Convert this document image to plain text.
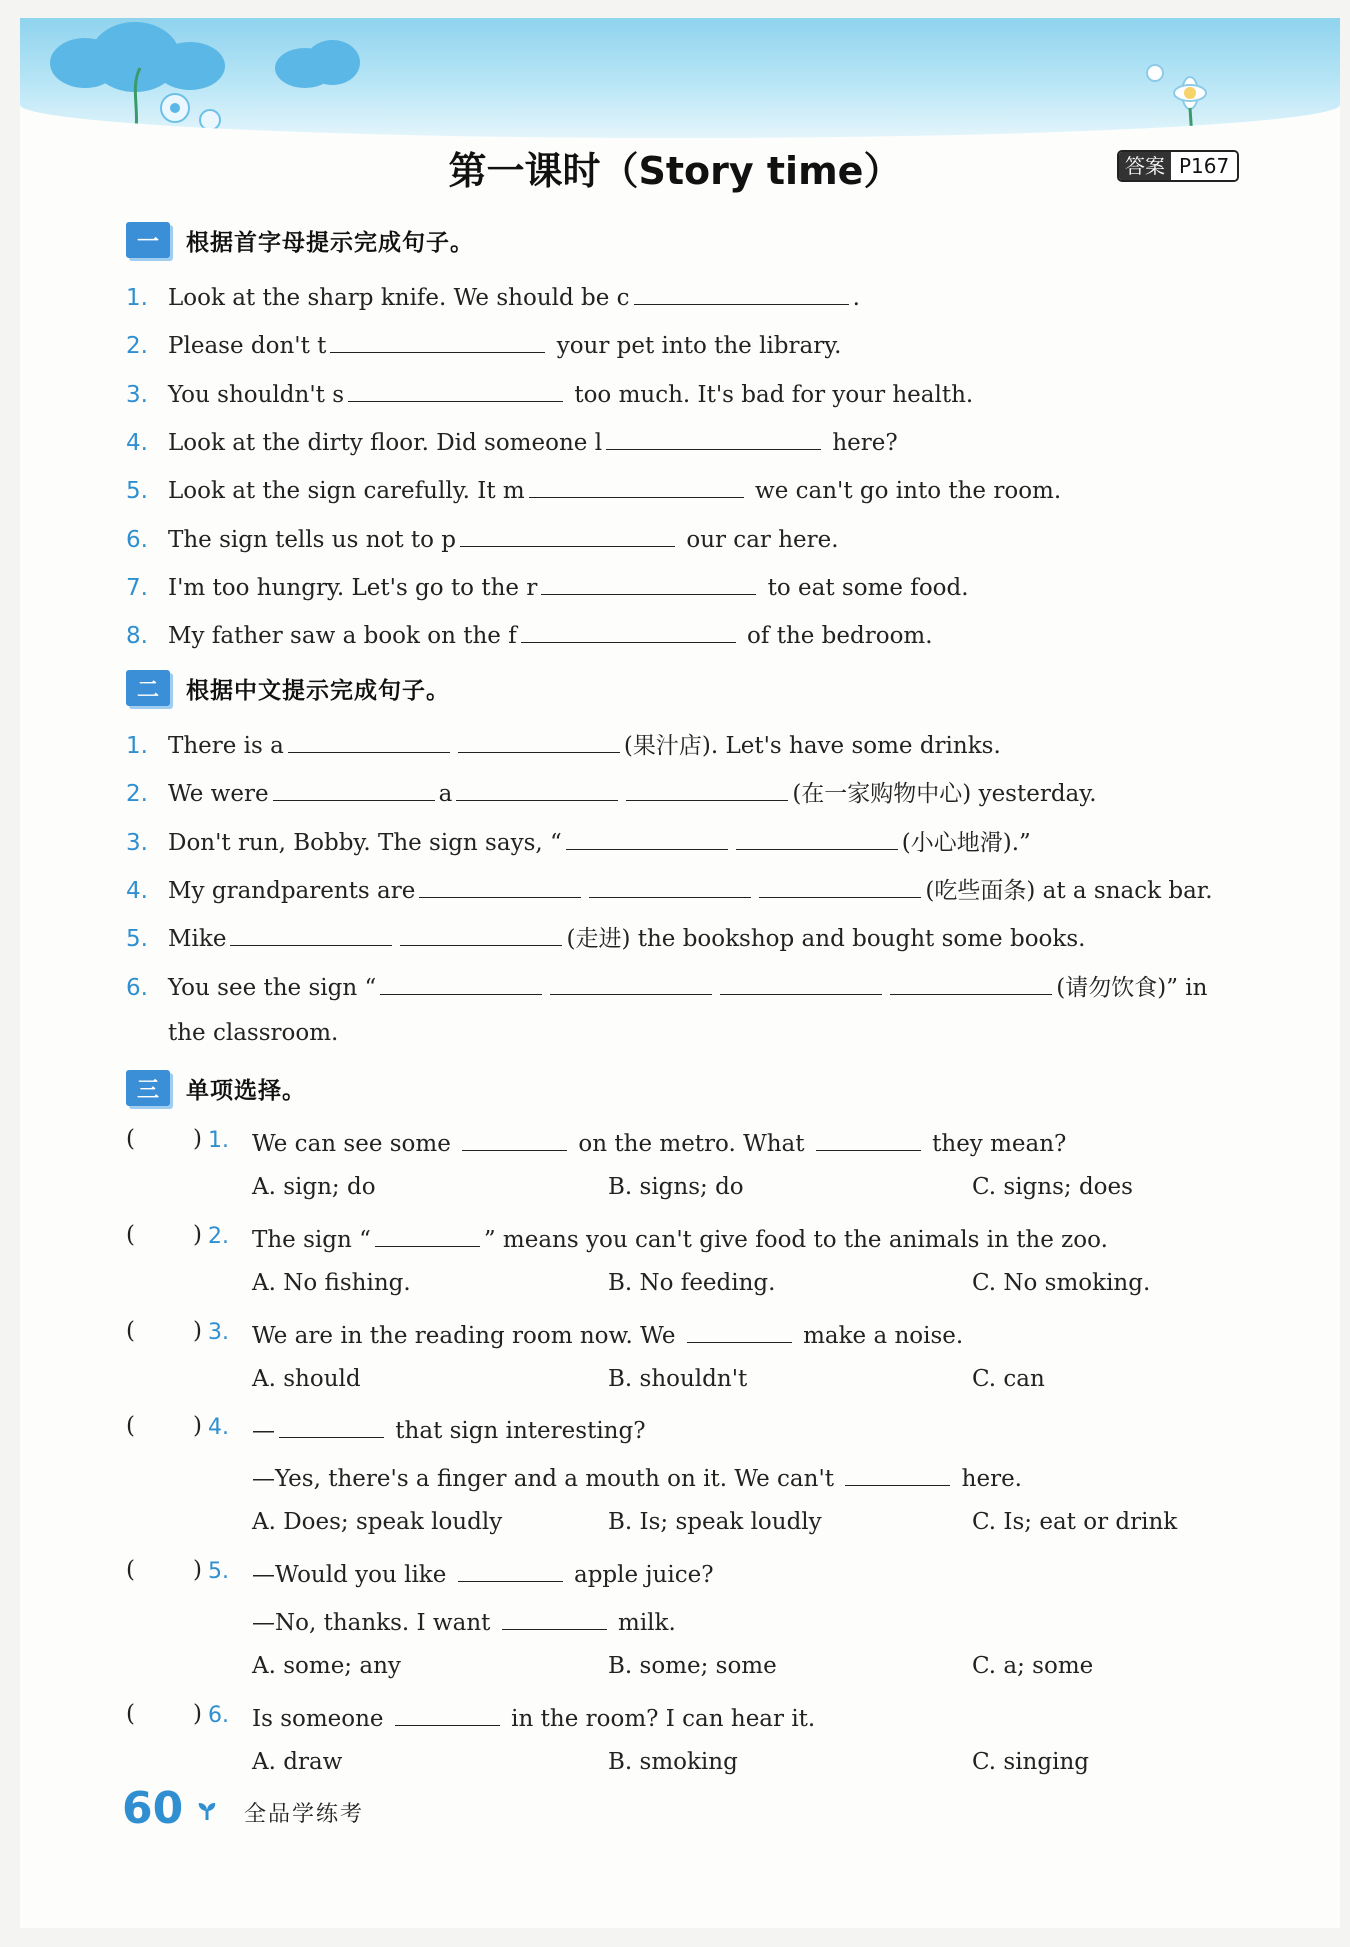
第一课时（Story time）	答案 P167
一	根据首字母提示完成句子。
1. Look at the sharp knife. We should be c	.
2. Please don't t	your pet into the library.
3. You shouldn't s	too much. It's bad for your health.
4. Look at the dirty floor. Did someone l	here?
5. Look at the sign carefully. It m	we can't go into the room.
6. The sign tells us not to p	our car here.
7. I'm too hungry. Let's go to the r	to eat some food.
8. My father saw a book on the f	of the bedroom.
二	根据中文提示完成句子。
1. There is a	(果汁店). Let's have some drinks.
2. We were	a	(在一家购物中心) yesterday.
3. Don't run, Bobby. The sign says, “	(小心地滑).”
4. My grandparents are	(吃些面条) at a snack bar.
5. Mike	(走进) the bookshop and bought some books.
6. You see the sign “	(请勿饮食)” in
the classroom.
三	单项选择。
(	) 1. We can see some	on the metro. What	they mean?
A. sign; do	B. signs; do	C. signs; does
(	) 2. The sign “	” means you can't give food to the animals in the zoo.
A. No fishing.	B. No feeding.	C. No smoking.
(	) 3. We are in the reading room now. We	make a noise.
A. should	B. shouldn't	C. can
(	) 4. —	that sign interesting?
—Yes, there's a finger and a mouth on it. We can't	here.
A. Does; speak loudly	B. Is; speak loudly	C. Is; eat or drink
(	) 5. —Would you like	apple juice?
—No, thanks. I want	milk.
A. some; any	B. some; some	C. a; some
(	) 6. Is someone	in the room? I can hear it.
A. draw	B. smoking	C. singing
60	全品学练考
